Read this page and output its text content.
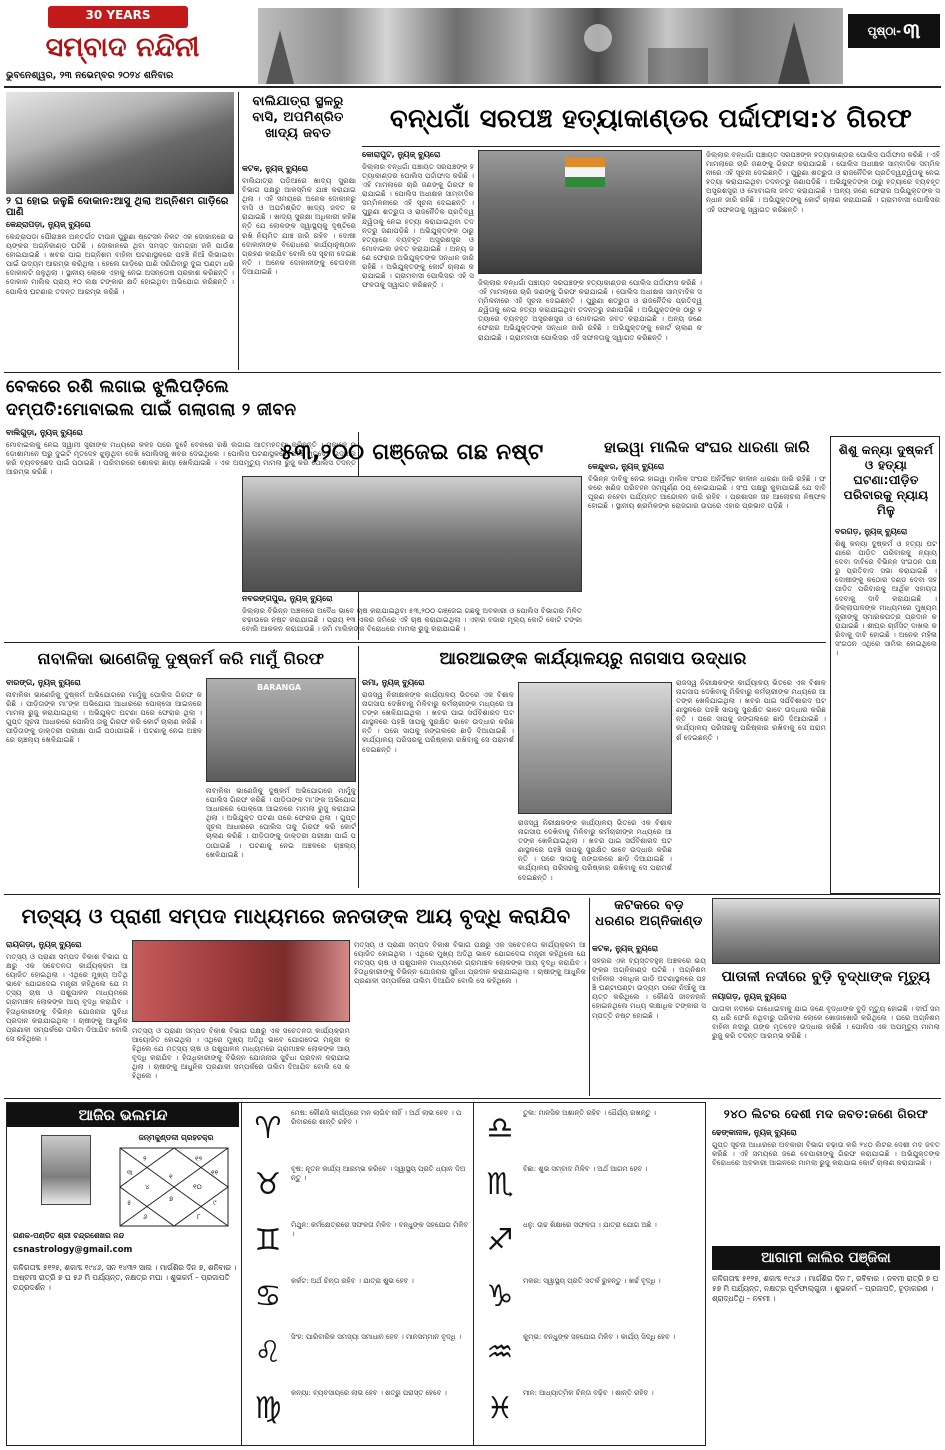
30 YEARS
ସମ୍ବାଦ ନନ୍ଦିନୀ
ଭୁବନେଶ୍ୱର, ୨୩ ନଭେମ୍ବର ୨୦୨୪ ଶନିବାର
ପୃଷ୍ଠା- ୩
୨ ଘ ହୋଇ ଜଳୁଛି ଦୋକାନ:ଆସୁ ଥିଲା ଅଗ୍ନିଶମ ଗାଡ଼ିରେ ପାଣି
କେନ୍ଦ୍ରାପଡ଼ା, ନ୍ୟୁଜ୍ ବ୍ୟୁରୋ
କେନ୍ଦ୍ରାପଡ଼ା ପୌରାଞ୍ଚଳ ଅନ୍ତର୍ଗତ ଟାଉନ ପୁରୁଣା ଷ୍ଟେସନ ନିକଟ ଏକ ଦୋକାନରେ ଭୟଙ୍କର ଅଗ୍ନିକାଣ୍ଡ ଘଟିଛି । ଦୋକାନରେ ଥିବା ସମସ୍ତ ସାମଗ୍ରୀ ଜଳି ପାଉଁଶ ହୋଇଯାଇଛି । ଖବର ପାଇ ଅଗ୍ନିଶମ ବାହିନୀ ଘଟଣାସ୍ଥଳରେ ପହଞ୍ଚି ନିଆଁ ଲିଭାଇବା ପାଇଁ ଉଦ୍ୟମ ଆରମ୍ଭ କରିଥିଲା । ହେଲେ ଗାଡ଼ିରେ ପାଣି ସରିଯିବାରୁ ଦୁଇ ଘଣ୍ଟା ଧରି ଦୋକାନଟି ଜଳୁଥିଲା । ସ୍ଥାନୀୟ ଲୋକେ ଏହାକୁ ନେଇ ଅସନ୍ତୋଷ ପ୍ରକାଶ କରିଛନ୍ତି । ଦୋକାନ ମାଲିକ ପ୍ରାୟ ୧୦ ଲକ୍ଷ ଟଙ୍କାର କ୍ଷତି ହୋଇଥିବା ଅଭିଯୋଗ କରିଛନ୍ତି । ପୋଲିସ ଘଟଣାର ତଦନ୍ତ ଆରମ୍ଭ କରିଛି ।
ବାଲିଯାତ୍ରା ସ୍ଥଳରୁ ବାସି, ଅପମିଶ୍ରିତ ଖାଦ୍ୟ ଜବତ
କଟକ, ନ୍ୟୁଜ୍ ବ୍ୟୁରୋ
ବାଲିଯାତ୍ରା ପଡ଼ିଆରେ ଖାଦ୍ୟ ସୁରକ୍ଷା ବିଭାଗ ପକ୍ଷରୁ ଆକସ୍ମିକ ଯାଞ୍ଚ କରାଯାଇଥିଲା । ଏହି ସମୟରେ ଅନେକ ଦୋକାନରୁ ବାସି ଓ ଅପମିଶ୍ରିତ ଖାଦ୍ୟ ଜବତ କରାଯାଇଛି । ଖାଦ୍ୟ ସୁରକ୍ଷା ଅଧିକାରୀ କହିଛନ୍ତି ଯେ ଲୋକଙ୍କ ସ୍ୱାସ୍ଥ୍ୟକୁ ଦୃଷ୍ଟିରେ ରଖି ନିୟମିତ ଯାଞ୍ଚ ଜାରି ରହିବ । ଦୋଷୀ ଦୋକାନୀଙ୍କ ବିରୋଧରେ କାର୍ଯ୍ୟାନୁଷ୍ଠାନ ଗ୍ରହଣ କରାଯିବ ବୋଲି ସେ ସୂଚନା ଦେଇଛନ୍ତି । ଅନେକ ଦୋକାନୀଙ୍କୁ ଚେତାବନୀ ଦିଆଯାଇଛି ।
ବନ୍ଧଗାଁ ସରପଞ୍ଚ ହତ୍ୟାକାଣ୍ଡର ପର୍ଦ୍ଦାଫାସ:୪ ଗିରଫ
କୋରାପୁଟ, ନ୍ୟୁଜ୍ ବ୍ୟୁରୋ
ଜିଲ୍ଲାର ବନ୍ଧଗାଁ ପଞ୍ଚାୟତ ସରପଞ୍ଚଙ୍କ ହତ୍ୟାକାଣ୍ଡର ପୋଲିସ ପର୍ଦ୍ଦାଫାସ କରିଛି । ଏହି ମାମଲାରେ ଚାରି ଜଣଙ୍କୁ ଗିରଫ କରାଯାଇଛି । ପୋଲିସ ଅଧୀକ୍ଷକ ସାମ୍ବାଦିକ ସମ୍ମିଳନୀରେ ଏହି ସୂଚନା ଦେଇଛନ୍ତି । ପୁରୁଣା ଶତ୍ରୁତା ଓ ରାଜନୈତିକ ପ୍ରତିଦ୍ୱନ୍ଦ୍ୱିତାକୁ ନେଇ ହତ୍ୟା କରାଯାଇଥିବା ତଦନ୍ତରୁ ଜଣାପଡ଼ିଛି । ଅଭିଯୁକ୍ତଙ୍କ ଠାରୁ ହତ୍ୟାରେ ବ୍ୟବହୃତ ଅସ୍ତ୍ରଶସ୍ତ୍ର ଓ ମୋବାଇଲ ଜବତ କରାଯାଇଛି । ଅନ୍ୟ ଜଣେ ଫେରାର ଅଭିଯୁକ୍ତଙ୍କ ସନ୍ଧାନ ଜାରି ରହିଛି । ଅଭିଯୁକ୍ତଙ୍କୁ କୋର୍ଟ ଚାଲାଣ କରାଯାଇଛି । ଗ୍ରାମବାସୀ ପୋଲିସର ଏହି ସଫଳତାକୁ ସ୍ୱାଗତ କରିଛନ୍ତି ।	ଜିଲ୍ଲାର ବନ୍ଧଗାଁ ପଞ୍ଚାୟତ ସରପଞ୍ଚଙ୍କ ହତ୍ୟାକାଣ୍ଡର ପୋଲିସ ପର୍ଦ୍ଦାଫାସ କରିଛି । ଏହି ମାମଲାରେ ଚାରି ଜଣଙ୍କୁ ଗିରଫ କରାଯାଇଛି । ପୋଲିସ ଅଧୀକ୍ଷକ ସାମ୍ବାଦିକ ସମ୍ମିଳନୀରେ ଏହି ସୂଚନା ଦେଇଛନ୍ତି । ପୁରୁଣା ଶତ୍ରୁତା ଓ ରାଜନୈତିକ ପ୍ରତିଦ୍ୱନ୍ଦ୍ୱିତାକୁ ନେଇ ହତ୍ୟା କରାଯାଇଥିବା ତଦନ୍ତରୁ ଜଣାପଡ଼ିଛି । ଅଭିଯୁକ୍ତଙ୍କ ଠାରୁ ହତ୍ୟାରେ ବ୍ୟବହୃତ ଅସ୍ତ୍ରଶସ୍ତ୍ର ଓ ମୋବାଇଲ ଜବତ କରାଯାଇଛି । ଅନ୍ୟ ଜଣେ ଫେରାର ଅଭିଯୁକ୍ତଙ୍କ ସନ୍ଧାନ ଜାରି ରହିଛି । ଅଭିଯୁକ୍ତଙ୍କୁ କୋର୍ଟ ଚାଲାଣ କରାଯାଇଛି । ଗ୍ରାମବାସୀ ପୋଲିସର ଏହି ସଫଳତାକୁ ସ୍ୱାଗତ କରିଛନ୍ତି ।
ଜିଲ୍ଲାର ବନ୍ଧଗାଁ ପଞ୍ଚାୟତ ସରପଞ୍ଚଙ୍କ ହତ୍ୟାକାଣ୍ଡର ପୋଲିସ ପର୍ଦ୍ଦାଫାସ କରିଛି । ଏହି ମାମଲାରେ ଚାରି ଜଣଙ୍କୁ ଗିରଫ କରାଯାଇଛି । ପୋଲିସ ଅଧୀକ୍ଷକ ସାମ୍ବାଦିକ ସମ୍ମିଳନୀରେ ଏହି ସୂଚନା ଦେଇଛନ୍ତି । ପୁରୁଣା ଶତ୍ରୁତା ଓ ରାଜନୈତିକ ପ୍ରତିଦ୍ୱନ୍ଦ୍ୱିତାକୁ ନେଇ ହତ୍ୟା କରାଯାଇଥିବା ତଦନ୍ତରୁ ଜଣାପଡ଼ିଛି । ଅଭିଯୁକ୍ତଙ୍କ ଠାରୁ ହତ୍ୟାରେ ବ୍ୟବହୃତ ଅସ୍ତ୍ରଶସ୍ତ୍ର ଓ ମୋବାଇଲ ଜବତ କରାଯାଇଛି । ଅନ୍ୟ ଜଣେ ଫେରାର ଅଭିଯୁକ୍ତଙ୍କ ସନ୍ଧାନ ଜାରି ରହିଛି । ଅଭିଯୁକ୍ତଙ୍କୁ କୋର୍ଟ ଚାଲାଣ କରାଯାଇଛି । ଗ୍ରାମବାସୀ ପୋଲିସର ଏହି ସଫଳତାକୁ ସ୍ୱାଗତ କରିଛନ୍ତି ।
ବେକରେ ରଶି ଲଗାଇ ଝୁଲିପଡ଼ିଲେ ଦମ୍ପତି:ମୋବାଇଲ ପାଇଁ ଗଲାଗଲା ୨ ଜୀବନ
ବାଲିଗୁଡ଼ା, ନ୍ୟୁଜ୍ ବ୍ୟୁରୋ
ମୋବାଇଲକୁ ନେଇ ସ୍ୱାମୀ ସ୍ତ୍ରୀଙ୍କ ମଧ୍ୟରେ କଳହ ପରେ ଦୁହେଁ ବେକରେ ରଶି ଲଗାଇ ଆତ୍ମହତ୍ୟା କରିଛନ୍ତି । ସକାଳେ ପଡ଼ୋଶୀମାନେ ଘରୁ ଦୁଇଟି ମୃତଦେହ ଝୁଲୁଥିବା ଦେଖି ପୋଲିସକୁ ଖବର ଦେଇଥିଲେ । ପୋଲିସ ଘଟଣାସ୍ଥଳରେ ପହଞ୍ଚି ମୃତଦେହ ଉଦ୍ଧାର କରି ବ୍ୟବଚ୍ଛେଦ ପାଇଁ ପଠାଇଛି । ପରିବାରରେ ଶୋକର ଛାୟା ଖେଳିଯାଇଛି । ଏକ ଅପମୃତ୍ୟୁ ମାମଲା ରୁଜୁ କରି ପୋଲିସ ତଦନ୍ତ ଆରମ୍ଭ କରିଛି ।
୫୩,୨୦୦ ଗଞ୍ଜେଇ ଗଛ ନଷ୍ଟ
ନବରଙ୍ଗପୁର, ନ୍ୟୁଜ୍ ବ୍ୟୁରୋ
ଜିଲ୍ଲାର ବିଭିନ୍ନ ଅଞ୍ଚଳରେ ଅବୈଧ ଭାବେ ଚାଷ କରାଯାଇଥିବା ୫୩,୨୦୦ ଗଞ୍ଜେଇ ଗଛକୁ ଅବକାରୀ ଓ ପୋଲିସ ବିଭାଗର ମିଳିତ ଚଢ଼ାଉରେ ନଷ୍ଟ କରାଯାଇଛି । ପ୍ରାୟ ୧୩ ଏକର ଜମିରେ ଏହି ଚାଷ କରାଯାଇଥିଲା । ଏହାର ବଜାର ମୂଲ୍ୟ କୋଟି କୋଟି ଟଙ୍କା ବୋଲି ଆକଳନ କରାଯାଉଛି । ଜମି ମାଲିକଙ୍କ ବିରୋଧରେ ମାମଲା ରୁଜୁ କରାଯାଇଛି ।
ହାଇୱା ମାଲିକ ସଂଘର ଧାରଣା ଜାରି
କେନ୍ଦୁଝର, ନ୍ୟୁଜ୍ ବ୍ୟୁରୋ
ବିଭିନ୍ନ ଦାବିକୁ ନେଇ ହାଇୱା ମାଲିକ ସଂଘର ଅନିର୍ଦ୍ଦିଷ୍ଟ କାଳୀନ ଧାରଣା ଜାରି ରହିଛି । ଫଳରେ ଖଣିଜ ପରିବହନ ସମ୍ପୂର୍ଣ୍ଣ ଠପ୍ ହୋଇଯାଇଛି । ସଂଘ ପକ୍ଷରୁ କୁହାଯାଇଛି ଯେ ଦାବି ପୂରଣ ନହେବା ପର୍ଯ୍ୟନ୍ତ ଆନ୍ଦୋଳନ ଜାରି ରହିବ । ପ୍ରଶାସନ ସହ ଆଲୋଚନା ନିଷ୍ଫଳ ହୋଇଛି । ସ୍ଥାନୀୟ ଶ୍ରମିକଙ୍କ ରୋଜଗାର ଉପରେ ଏହାର ପ୍ରଭାବ ପଡ଼ିଛି ।
ଶିଶୁ କନ୍ୟା ଦୁଷ୍କର୍ମ ଓ ହତ୍ୟା ଘଟଣା:ପୀଡ଼ିତ ପରିବାରକୁ ନ୍ୟାୟ ମିଳୁ
ବରଗଡ଼, ନ୍ୟୁଜ୍ ବ୍ୟୁରୋ
ଶିଶୁ କନ୍ୟା ଦୁଷ୍କର୍ମ ଓ ହତ୍ୟା ଘଟଣାରେ ପୀଡ଼ିତ ପରିବାରକୁ ନ୍ୟାୟ ଦେବା ଦାବିରେ ବିଭିନ୍ନ ସଂଗଠନ ପକ୍ଷରୁ ପ୍ରତିବାଦ ସଭା କରାଯାଇଛି । ଦୋଷୀଙ୍କୁ କଠୋର ଦଣ୍ଡ ଦେବା ସହ ପୀଡ଼ିତ ପରିବାରକୁ ଆର୍ଥିକ ସହାୟତା ଦେବାକୁ ଦାବି କରାଯାଇଛି । ଜିଲ୍ଲାପାଳଙ୍କ ମାଧ୍ୟମରେ ମୁଖ୍ୟମନ୍ତ୍ରୀଙ୍କୁ ସ୍ମାରକପତ୍ର ପ୍ରଦାନ କରାଯାଇଛି । ଶୀଘ୍ର ଚାର୍ଜସିଟ୍ ଦାଖଲ କରିବାକୁ ଦାବି ହୋଇଛି । ଅନେକ ମହିଳା ସଂଗଠନ ଏଥିରେ ସାମିଲ ହୋଇଥିଲେ ।
ନାବାଳିକା ଭାଣେଜିକୁ ଦୁଷ୍କର୍ମ କରି ମାମୁଁ ଗିରଫ
ବାରଙ୍ଗ, ନ୍ୟୁଜ୍ ବ୍ୟୁରୋ
ନାବାଳିକା ଭାଣେଜିକୁ ଦୁଷ୍କର୍ମ ଅଭିଯୋଗରେ ମାମୁଁକୁ ପୋଲିସ ଗିରଫ କରିଛି । ପୀଡ଼ିତାଙ୍କ ମା’ଙ୍କ ଅଭିଯୋଗ ଆଧାରରେ ପୋକ୍ସୋ ଆଇନରେ ମାମଲା ରୁଜୁ କରାଯାଇଥିଲା । ଅଭିଯୁକ୍ତ ଘଟଣା ପରେ ଫେରାର ଥିଲା । ଗୁପ୍ତ ସୂଚନା ଆଧାରରେ ପୋଲିସ ତାକୁ ଗିରଫ କରି କୋର୍ଟ ଚାଲାଣ କରିଛି । ପୀଡ଼ିତାଙ୍କୁ ଡାକ୍ତରୀ ପରୀକ୍ଷା ପାଇଁ ପଠାଯାଇଛି । ଘଟଣାକୁ ନେଇ ଅଞ୍ଚଳରେ ଚାଞ୍ଚଲ୍ୟ ଖେଳିଯାଇଛି ।
BARANGA
ନାବାଳିକା ଭାଣେଜିକୁ ଦୁଷ୍କର୍ମ ଅଭିଯୋଗରେ ମାମୁଁକୁ ପୋଲିସ ଗିରଫ କରିଛି । ପୀଡ଼ିତାଙ୍କ ମା’ଙ୍କ ଅଭିଯୋଗ ଆଧାରରେ ପୋକ୍ସୋ ଆଇନରେ ମାମଲା ରୁଜୁ କରାଯାଇଥିଲା । ଅଭିଯୁକ୍ତ ଘଟଣା ପରେ ଫେରାର ଥିଲା । ଗୁପ୍ତ ସୂଚନା ଆଧାରରେ ପୋଲିସ ତାକୁ ଗିରଫ କରି କୋର୍ଟ ଚାଲାଣ କରିଛି । ପୀଡ଼ିତାଙ୍କୁ ଡାକ୍ତରୀ ପରୀକ୍ଷା ପାଇଁ ପଠାଯାଇଛି । ଘଟଣାକୁ ନେଇ ଅଞ୍ଚଳରେ ଚାଞ୍ଚଲ୍ୟ ଖେଳିଯାଇଛି ।
ଆରଆଇଙ୍କ କାର୍ଯ୍ୟାଳୟରୁ ନାଗସାପ ଉଦ୍ଧାର
ରମା, ନ୍ୟୁଜ୍ ବ୍ୟୁରୋ
ରାଜସ୍ୱ ନିରୀକ୍ଷକଙ୍କ କାର୍ଯ୍ୟାଳୟ ଭିତରେ ଏକ ବିଶାଳ ନାଗସାପ ଦେଖିବାକୁ ମିଳିବାରୁ କର୍ମଚାରୀଙ୍କ ମଧ୍ୟରେ ଆତଙ୍କ ଖେଳିଯାଇଥିଲା । ଖବର ପାଇ ସର୍ପବିଶାରଦ ଘଟଣାସ୍ଥଳରେ ପହଞ୍ଚି ସାପକୁ ସୁରକ୍ଷିତ ଭାବେ ଉଦ୍ଧାର କରିଛନ୍ତି । ପରେ ସାପକୁ ଜଙ୍ଗଲରେ ଛାଡ଼ି ଦିଆଯାଇଛି । କାର୍ଯ୍ୟାଳୟ ପରିସରକୁ ପରିଷ୍କାର ରଖିବାକୁ ସେ ପରାମର୍ଶ ଦେଇଛନ୍ତି ।
ରାଜସ୍ୱ ନିରୀକ୍ଷକଙ୍କ କାର୍ଯ୍ୟାଳୟ ଭିତରେ ଏକ ବିଶାଳ ନାଗସାପ ଦେଖିବାକୁ ମିଳିବାରୁ କର୍ମଚାରୀଙ୍କ ମଧ୍ୟରେ ଆତଙ୍କ ଖେଳିଯାଇଥିଲା । ଖବର ପାଇ ସର୍ପବିଶାରଦ ଘଟଣାସ୍ଥଳରେ ପହଞ୍ଚି ସାପକୁ ସୁରକ୍ଷିତ ଭାବେ ଉଦ୍ଧାର କରିଛନ୍ତି । ପରେ ସାପକୁ ଜଙ୍ଗଲରେ ଛାଡ଼ି ଦିଆଯାଇଛି । କାର୍ଯ୍ୟାଳୟ ପରିସରକୁ ପରିଷ୍କାର ରଖିବାକୁ ସେ ପରାମର୍ଶ ଦେଇଛନ୍ତି ।
ରାଜସ୍ୱ ନିରୀକ୍ଷକଙ୍କ କାର୍ଯ୍ୟାଳୟ ଭିତରେ ଏକ ବିଶାଳ ନାଗସାପ ଦେଖିବାକୁ ମିଳିବାରୁ କର୍ମଚାରୀଙ୍କ ମଧ୍ୟରେ ଆତଙ୍କ ଖେଳିଯାଇଥିଲା । ଖବର ପାଇ ସର୍ପବିଶାରଦ ଘଟଣାସ୍ଥଳରେ ପହଞ୍ଚି ସାପକୁ ସୁରକ୍ଷିତ ଭାବେ ଉଦ୍ଧାର କରିଛନ୍ତି । ପରେ ସାପକୁ ଜଙ୍ଗଲରେ ଛାଡ଼ି ଦିଆଯାଇଛି । କାର୍ଯ୍ୟାଳୟ ପରିସରକୁ ପରିଷ୍କାର ରଖିବାକୁ ସେ ପରାମର୍ଶ ଦେଇଛନ୍ତି ।
ମତ୍ସ୍ୟ ଓ ପ୍ରାଣୀ ସମ୍ପଦ ମାଧ୍ୟମରେ ଜନତାଙ୍କ ଆୟ ବୃଦ୍ଧି କରାଯିବ
ରାୟଗଡ଼ା, ନ୍ୟୁଜ୍ ବ୍ୟୁରୋ
ମତ୍ସ୍ୟ ଓ ପ୍ରାଣୀ ସମ୍ପଦ ବିକାଶ ବିଭାଗ ପକ୍ଷରୁ ଏକ ସଚେତନତା କାର୍ଯ୍ୟକ୍ରମ ଆୟୋଜିତ ହୋଇଥିଲା । ଏଥିରେ ମୁଖ୍ୟ ଅତିଥି ଭାବେ ଯୋଗଦେଇ ମନ୍ତ୍ରୀ କହିଥିଲେ ଯେ ମତ୍ସ୍ୟ ଚାଷ ଓ ପଶୁପାଳନ ମାଧ୍ୟମରେ ଗ୍ରାମାଞ୍ଚଳ ଲୋକଙ୍କ ଆୟ ବୃଦ୍ଧି କରାଯିବ । ହିତାଧିକାରୀଙ୍କୁ ବିଭିନ୍ନ ଯୋଜନାର ସୁବିଧା ପ୍ରଦାନ କରାଯାଇଥିଲା । ଚାଷୀଙ୍କୁ ଆଧୁନିକ ପ୍ରଣାଳୀ ସମ୍ପର୍କରେ ତାଲିମ ଦିଆଯିବ ବୋଲି ସେ କହିଥିଲେ ।
ମତ୍ସ୍ୟ ଓ ପ୍ରାଣୀ ସମ୍ପଦ ବିକାଶ ବିଭାଗ ପକ୍ଷରୁ ଏକ ସଚେତନତା କାର୍ଯ୍ୟକ୍ରମ ଆୟୋଜିତ ହୋଇଥିଲା । ଏଥିରେ ମୁଖ୍ୟ ଅତିଥି ଭାବେ ଯୋଗଦେଇ ମନ୍ତ୍ରୀ କହିଥିଲେ ଯେ ମତ୍ସ୍ୟ ଚାଷ ଓ ପଶୁପାଳନ ମାଧ୍ୟମରେ ଗ୍ରାମାଞ୍ଚଳ ଲୋକଙ୍କ ଆୟ ବୃଦ୍ଧି କରାଯିବ । ହିତାଧିକାରୀଙ୍କୁ ବିଭିନ୍ନ ଯୋଜନାର ସୁବିଧା ପ୍ରଦାନ କରାଯାଇଥିଲା । ଚାଷୀଙ୍କୁ ଆଧୁନିକ ପ୍ରଣାଳୀ ସମ୍ପର୍କରେ ତାଲିମ ଦିଆଯିବ ବୋଲି ସେ କହିଥିଲେ ।
ମତ୍ସ୍ୟ ଓ ପ୍ରାଣୀ ସମ୍ପଦ ବିକାଶ ବିଭାଗ ପକ୍ଷରୁ ଏକ ସଚେତନତା କାର୍ଯ୍ୟକ୍ରମ ଆୟୋଜିତ ହୋଇଥିଲା । ଏଥିରେ ମୁଖ୍ୟ ଅତିଥି ଭାବେ ଯୋଗଦେଇ ମନ୍ତ୍ରୀ କହିଥିଲେ ଯେ ମତ୍ସ୍ୟ ଚାଷ ଓ ପଶୁପାଳନ ମାଧ୍ୟମରେ ଗ୍ରାମାଞ୍ଚଳ ଲୋକଙ୍କ ଆୟ ବୃଦ୍ଧି କରାଯିବ । ହିତାଧିକାରୀଙ୍କୁ ବିଭିନ୍ନ ଯୋଜନାର ସୁବିଧା ପ୍ରଦାନ କରାଯାଇଥିଲା । ଚାଷୀଙ୍କୁ ଆଧୁନିକ ପ୍ରଣାଳୀ ସମ୍ପର୍କରେ ତାଲିମ ଦିଆଯିବ ବୋଲି ସେ କହିଥିଲେ ।
କଟକରେ ବଡ଼ ଧରଣର ଅଗ୍ନିକାଣ୍ଡ
କଟକ, ନ୍ୟୁଜ୍ ବ୍ୟୁରୋ
ସହରର ଏକ ବ୍ୟସ୍ତବହୁଳ ଅଞ୍ଚଳରେ ଭୟଙ୍କର ଅଗ୍ନିକାଣ୍ଡ ଘଟିଛି । ଅଗ୍ନିଶମ ବାହିନୀର ଏକାଧିକ ଗାଡ଼ି ଘଟଣାସ୍ଥଳରେ ପହଞ୍ଚି ଘଣ୍ଟାଘଣ୍ଟା ଉଦ୍ୟମ ପରେ ନିଆଁକୁ ଆୟତ୍ତ କରିଥିଲେ । କୌଣସି ଜୀବନହାନି ହୋଇନଥିଲେ ମଧ୍ୟ ଲକ୍ଷାଧିକ ଟଙ୍କାର ସମ୍ପତ୍ତି ନଷ୍ଟ ହୋଇଛି ।
ପାତାଳୀ ନଦୀରେ ବୁଡ଼ି ବୃଦ୍ଧାଙ୍କ ମୃତ୍ୟୁ
ନୟାଗଡ଼, ନ୍ୟୁଜ୍ ବ୍ୟୁରୋ
ପାତାଳୀ ନଦୀରେ ଗାଧୋଇବାକୁ ଯାଇ ଜଣେ ବୃଦ୍ଧାଙ୍କ ବୁଡ଼ି ମୃତ୍ୟୁ ହୋଇଛି । ଦୀର୍ଘ ସମୟ ଧରି ଫେରି ନଥିବାରୁ ପରିବାର ଲୋକେ ଖୋଜାଖୋଜି କରିଥିଲେ । ପରେ ଅଗ୍ନିଶମ ବାହିନୀ ନଦୀରୁ ତାଙ୍କ ମୃତଦେହ ଉଦ୍ଧାର କରିଛି । ପୋଲିସ ଏକ ଅପମୃତ୍ୟୁ ମାମଲା ରୁଜୁ କରି ତଦନ୍ତ ଆରମ୍ଭ କରିଛି ।
ଆଜିର ଭଲମନ୍ଦ
ଜନ୍ମକୁଣ୍ଡଳୀ ଗ୍ରହଚକ୍ର
୧
୨
୩
୪
୫
୬
୭
୮
୯
୧୦
୧୧
୧୨
ଗଣକ-ପଣ୍ଡିତ ଶ୍ରୀ ଚନ୍ଦ୍ରଶେଖର ନନ୍ଦ
csnastrology@gmail.com
କଳିଗତାବ୍ଦ ୫୧୨୫, ଶକାବ୍ଦ ୧୯୪୬, ସନ ୧୪୩୨ ସାଲ । ମାର୍ଗଶିର ଦିନ ୭, ଶନିବାର । ଅଷ୍ଟମୀ ରାତ୍ରି ୭ ଘ ୫୬ ମି ପର୍ଯ୍ୟନ୍ତ, ନକ୍ଷତ୍ର ମଘା । ଶୁଭକର୍ମ – ପ୍ରଜାପତି ଚନ୍ଦ୍ରଦର୍ଶନ ।
♈	ମେଷ: କୌଣସି କାର୍ଯ୍ୟରେ ମନ ଲାଗିବ ନାହିଁ । ଅର୍ଥ ଲାଭ ହେବ । ପରିବାରରେ ଶାନ୍ତି ରହିବ ।
♉	ବୃଷ: ନୂତନ କାର୍ଯ୍ୟ ଆରମ୍ଭ କରିବେ । ସ୍ୱାସ୍ଥ୍ୟ ପ୍ରତି ଧ୍ୟାନ ଦିଅନ୍ତୁ ।
♊	ମିଥୁନ: କର୍ମକ୍ଷେତ୍ରରେ ସଫଳତା ମିଳିବ । ବନ୍ଧୁଙ୍କ ସହଯୋଗ ମିଳିବ ।
♋	କର୍କଟ: ଅର୍ଥ ଚିନ୍ତା ରହିବ । ଯାତ୍ରା ଶୁଭ ହେବ ।
♌	ସିଂହ: ପାରିବାରିକ ସମସ୍ୟା ସମାଧାନ ହେବ । ମାନସମ୍ମାନ ବୃଦ୍ଧି ।
♍	କନ୍ୟା: ବ୍ୟବସାୟରେ ଲାଭ ହେବ । ଶତ୍ରୁ ପରାସ୍ତ ହେବେ ।
♎	ତୁଳା: ମାନସିକ ଅଶାନ୍ତି ରହିବ । ଧୈର୍ଯ୍ୟ ରଖନ୍ତୁ ।
♏	ବିଛା: ଶୁଭ ସମ୍ବାଦ ମିଳିବ । ଅର୍ଥ ଆଗମ ହେବ ।
♐	ଧନୁ: ଉଚ୍ଚ ଶିକ୍ଷାରେ ସଫଳତା । ଯାତ୍ରା ଯୋଗ ଅଛି ।
♑	ମକର: ସ୍ୱାସ୍ଥ୍ୟ ପ୍ରତି ସତର୍କ ରୁହନ୍ତୁ । ଖର୍ଚ୍ଚ ବୃଦ୍ଧି ।
♒	କୁମ୍ଭ: ବନ୍ଧୁଙ୍କ ସହଯୋଗ ମିଳିବ । କାର୍ଯ୍ୟ ସିଦ୍ଧି ହେବ ।
♓	ମୀନ: ଆଧ୍ୟାତ୍ମିକ ଚିନ୍ତା ବଢ଼ିବ । ଶାନ୍ତି ରହିବ ।
୨୪୦ ଲିଟର ଦେଶୀ ମଦ ଜବତ:ଜଣେ ଗିରଫ
ଢେଙ୍କାନାଳ, ନ୍ୟୁଜ୍ ବ୍ୟୁରୋ
ଗୁପ୍ତ ସୂଚନା ଆଧାରରେ ଅବକାରୀ ବିଭାଗ ଚଢ଼ାଉ କରି ୨୪୦ ଲିଟର ଦେଶୀ ମଦ ଜବତ କରିଛି । ଏହି ସମୟରେ ଜଣେ ବେପାରୀଙ୍କୁ ଗିରଫ କରାଯାଇଛି । ଅଭିଯୁକ୍ତଙ୍କ ବିରୋଧରେ ଅବକାରୀ ଆଇନରେ ମାମଲା ରୁଜୁ କରାଯାଇ କୋର୍ଟ ଚାଲାଣ କରାଯାଇଛି ।
ଆଗାମୀ କାଲିର ପଞ୍ଜିକା
କଳିଗତାବ୍ଦ ୫୧୨୫, ଶକାବ୍ଦ ୧୯୪୬ । ମାର୍ଗଶିର ଦିନ ୮, ରବିବାର । ନବମୀ ରାତ୍ରି ୭ ଘ ୫୭ ମି ପର୍ଯ୍ୟନ୍ତ, ନକ୍ଷତ୍ର ପୂର୍ବଫାଲ୍ଗୁନୀ । ଶୁଭକର୍ମ – ପ୍ରଜାପତି, ଚୂଡ଼ାକରଣ । ଶ୍ରାଦ୍ଧତିଥି – ନବମୀ ।
